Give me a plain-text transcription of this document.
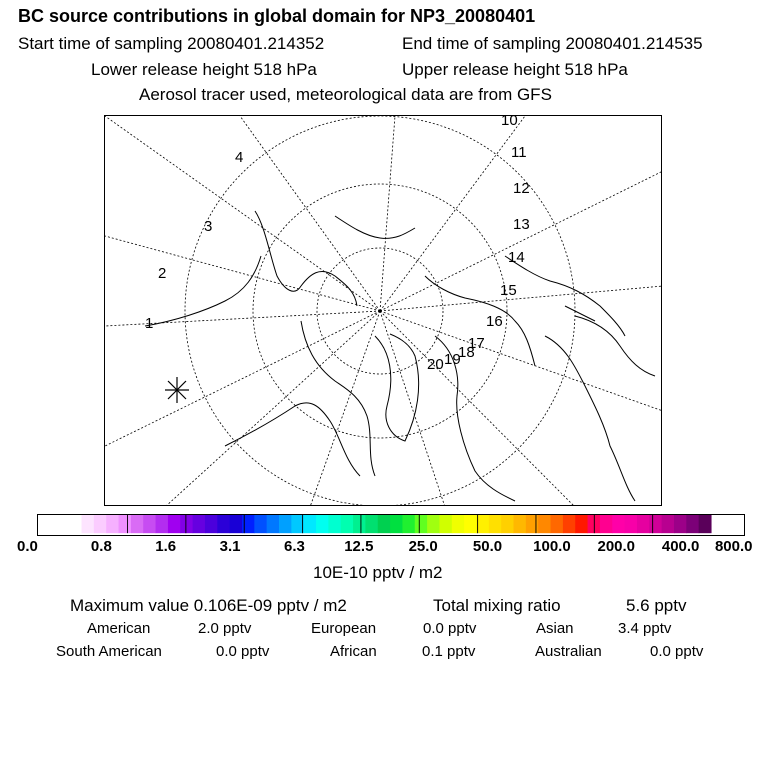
BC source contributions in global domain for NP3_20080401
Start time of sampling 20080401.214352	End time of sampling 20080401.214535
Lower release height 518 hPa	Upper release height 518 hPa
Aerosol tracer used, meteorological data are from GFS
1
2
3
4
10
11
12
13
14
15
16
17
18
19
20
0.0	0.8	1.6	3.1	6.3	12.5 25.0 50.0 100.0 200.0 400.0 800.0
10E-10 pptv / m2
Maximum value 0.106E-09 pptv / m2	Total mixing ratio	5.6 pptv
American	2.0 pptv	European	0.0 pptv	Asian	3.4 pptv
South American	0.0 pptv	African	0.1 pptv	Australian	0.0 pptv
